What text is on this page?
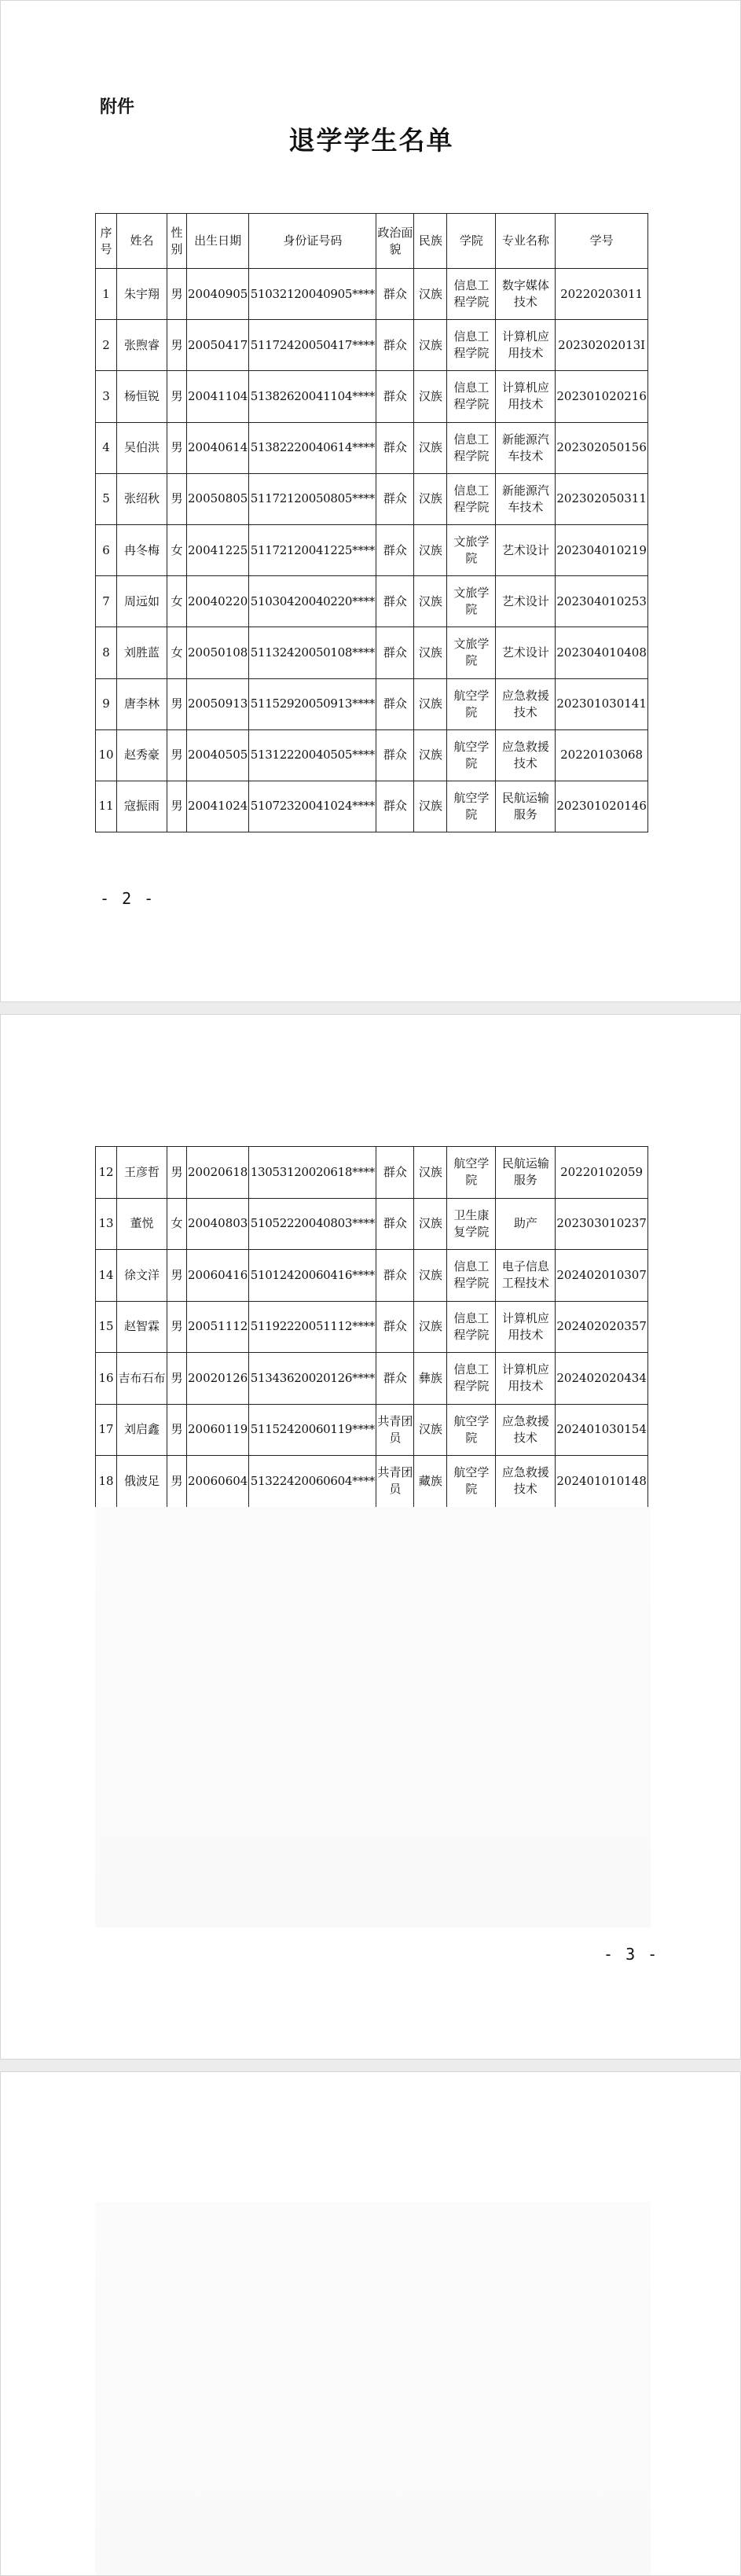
附件
退学学生名单
序号	姓名	性别	出生日期	身份证号码	政治面貌	民族	学院	专业名称	学号
1	朱宇翔	男	20040905	51032120040905****	群众	汉族	信息工程学院	数字媒体技术	20220203011
2	张煦睿	男	20050417	51172420050417****	群众	汉族	信息工程学院	计算机应用技术	20230202013I
3	杨恒锐	男	20041104	51382620041104****	群众	汉族	信息工程学院	计算机应用技术	202301020216
4	吴伯洪	男	20040614	51382220040614****	群众	汉族	信息工程学院	新能源汽车技术	202302050156
5	张绍秋	男	20050805	51172120050805****	群众	汉族	信息工程学院	新能源汽车技术	202302050311
6	冉冬梅	女	20041225	51172120041225****	群众	汉族	文旅学院	艺术设计	202304010219
7	周远如	女	20040220	51030420040220****	群众	汉族	文旅学院	艺术设计	202304010253
8	刘胜蓝	女	20050108	51132420050108****	群众	汉族	文旅学院	艺术设计	202304010408
9	唐李林	男	20050913	51152920050913****	群众	汉族	航空学院	应急救援技术	202301030141
10	赵秀豪	男	20040505	51312220040505****	群众	汉族	航空学院	应急救援技术	20220103068
11	寇振雨	男	20041024	51072320041024****	群众	汉族	航空学院	民航运输服务	202301020146
- 2 -
12	王彦哲	男	20020618	13053120020618****	群众	汉族	航空学院	民航运输服务	20220102059
13	董悦	女	20040803	51052220040803****	群众	汉族	卫生康复学院	助产	202303010237
14	徐文洋	男	20060416	51012420060416****	群众	汉族	信息工程学院	电子信息工程技术	202402010307
15	赵智霖	男	20051112	51192220051112****	群众	汉族	信息工程学院	计算机应用技术	202402020357
16	吉布石布	男	20020126	51343620020126****	群众	彝族	信息工程学院	计算机应用技术	202402020434
17	刘启鑫	男	20060119	51152420060119****	共青团员	汉族	航空学院	应急救援技术	202401030154
18	俄波足	男	20060604	51322420060604****	共青团员	藏族	航空学院	应急救援技术	202401010148
- 3 -
